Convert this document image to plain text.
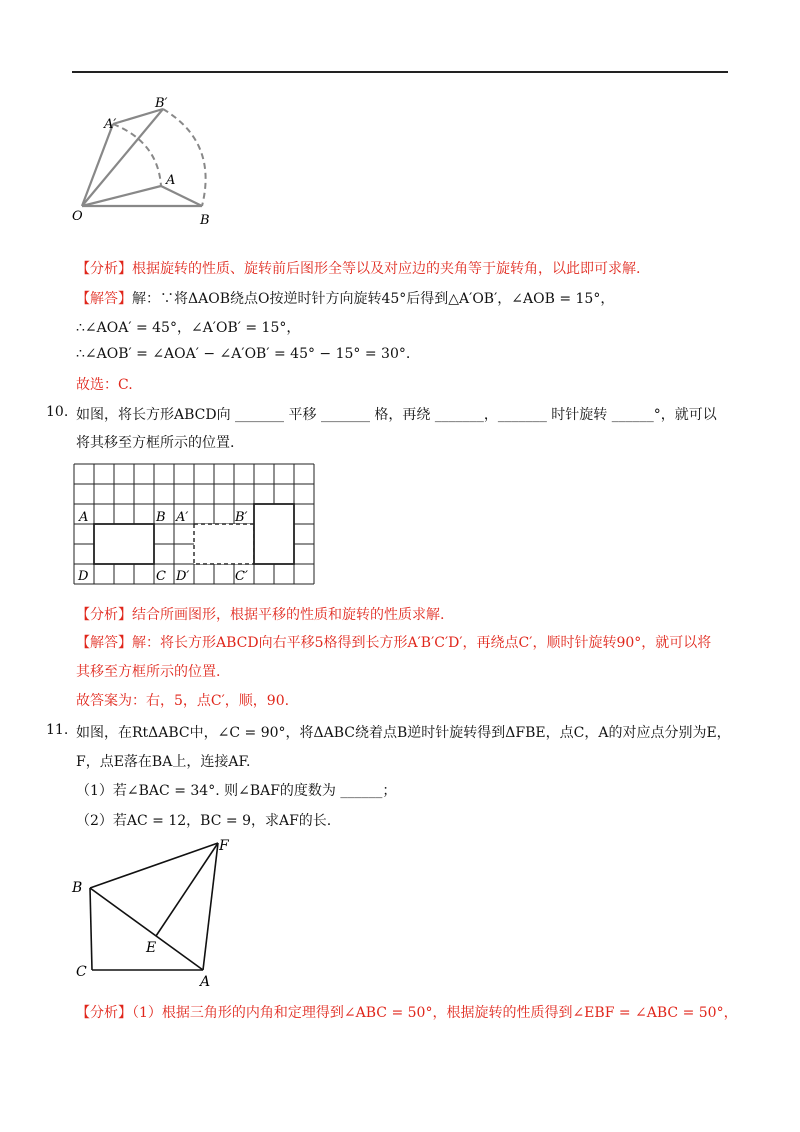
O
A
B
A′
B′
【分析】根据旋转的性质、旋转前后图形全等以及对应边的夹角等于旋转角，以此即可求解.
【解答】解：∵将ΔAOB绕点O按逆时针方向旋转45°后得到△A′OB′，∠AOB = 15°，
∴∠AOA′ = 45°，∠A′OB′ = 15°，
∴∠AOB′ = ∠AOA′ − ∠A′OB′ = 45° − 15° = 30°.
故选：C.
10. 如图，将长方形ABCD向 _______ 平移 _______ 格，再绕 _______，_______ 时针旋转 ______°，就可以
将其移至方框所示的位置.
A	B A′	B′
D	C D′	C′
【分析】结合所画图形，根据平移的性质和旋转的性质求解.
【解答】解：将长方形ABCD向右平移5格得到长方形A′B′C′D′，再绕点C′，顺时针旋转90°，就可以将
其移至方框所示的位置.
故答案为：右，5，点C′，顺，90.
11. 如图，在RtΔABC中，∠C = 90°，将ΔABC绕着点B逆时针旋转得到ΔFBE，点C，A的对应点分别为E，
F，点E落在BA上，连接AF.
（1）若∠BAC = 34°. 则∠BAF的度数为 ______；
（2）若AC = 12，BC = 9，求AF的长.
B
C
A
E
F
【分析】（1）根据三角形的内角和定理得到∠ABC = 50°，根据旋转的性质得到∠EBF = ∠ABC = 50°，
